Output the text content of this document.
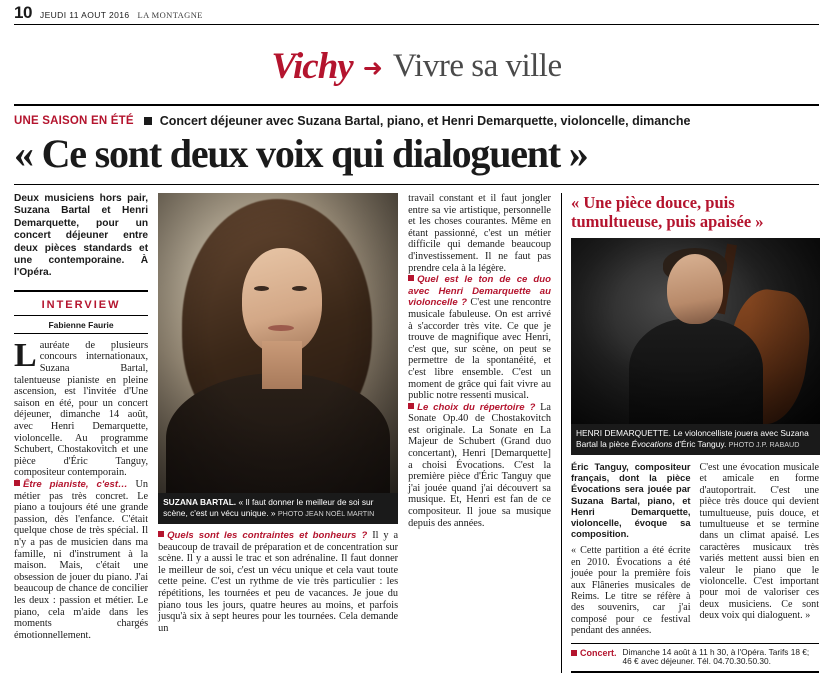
10 JEUDI 11 AOUT 2016 LA MONTAGNE
Vichy ➜ Vivre sa ville
UNE SAISON EN ÉTÉ Concert déjeuner avec Suzana Bartal, piano, et Henri Demarquette, violoncelle, dimanche
« Ce sont deux voix qui dialoguent »
Deux musiciens hors pair, Suzana Bartal et Henri Demarquette, pour un concert déjeuner entre deux pièces standards et une contemporaine. À l'Opéra.
INTERVIEW
Fabienne Faurie

Lauréate de plusieurs concours internationaux, Suzana Bartal, talentueuse pianiste en pleine ascension, est l'invitée d'Une saison en été, pour un concert déjeuner, dimanche 14 août, avec Henri Demarquette, violoncelle. Au programme Schubert, Chostakovitch et une pièce d'Éric Tanguy, compositeur contemporain.

Être pianiste, c'est… Un métier pas très concret. Le piano a toujours été une grande passion, dès l'enfance. C'était quelque chose de très spécial. Il n'y a pas de musicien dans ma famille, ni d'instrument à la maison. Mais, c'était une obsession de jouer du piano. J'ai beaucoup de chance de concilier les deux : passion et métier. Le piano, cela m'aide dans les moments chargés émotionnellement.

SUZANA BARTAL. « Il faut donner le meilleur de soi sur scène, c'est un vécu unique. » PHOTO JEAN NOËL MARTIN

Quels sont les contraintes et bonheurs ? Il y a beaucoup de travail de préparation et de concentration sur scène. Il y a aussi le trac et son adrénaline. Il faut donner le meilleur de soi, c'est un vécu unique et cela vaut toute cette peine. C'est un rythme de vie très particulier : les répétitions, les tournées et peu de vacances. Je joue du piano tous les jours, quatre heures au moins, et parfois jusqu'à six à sept heures pour les tournées. Cela demande un

travail constant et il faut jongler entre sa vie artistique, personnelle et les choses courantes. Même en étant passionné, c'est un métier difficile qui demande beaucoup d'investissement. Il ne faut pas prendre cela à la légère.

Quel est le ton de ce duo avec Henri Demarquette au violoncelle ? C'est une rencontre musicale fabuleuse. On est arrivé à s'accorder très vite. Ce que je trouve de magnifique avec Henri, c'est que, sur scène, on peut se permettre de la spontanéité, et c'est libre ensemble. C'est un moment de grâce qui fait vivre au public notre ressenti musical.

Le choix du répertoire ? La Sonate Op.40 de Chostakovitch est originale. La Sonate en La Majeur de Schubert (Grand duo concertant), Henri [Demarquette] a choisi Évocations. C'est la première pièce d'Éric Tanguy que j'ai jouée quand j'ai découvert sa musique. Et, Henri est fan de ce compositeur. Il joue sa musique depuis des années.

« Une pièce douce, puis tumultueuse, puis apaisée »
HENRI DEMARQUETTE. Le violoncelliste jouera avec Suzana Bartal la pièce Évocations d'Éric Tanguy. PHOTO J.P. RABAUD
Éric Tanguy, compositeur français, dont la pièce Évocations sera jouée par Suzana Bartal, piano, et Henri Demarquette, violoncelle, évoque sa composition.
« Cette partition a été écrite en 2010. Évocations a été jouée pour la première fois aux Flâneries musicales de Reims. Le titre se réfère à des souvenirs, car j'ai composé pour ce festival pendant des années.
C'est une évocation musicale et amicale en forme d'autoportrait. C'est une pièce très douce qui devient tumultueuse, puis douce, et tumultueuse et se termine dans un climat apaisé. Les caractères musicaux très variés mettent aussi bien en valeur le piano que le violoncelle. C'est important pour moi de valoriser ces deux musiciens. Ce sont deux voix qui dialoguent. »
Concert. Dimanche 14 août à 11 h 30, à l'Opéra. Tarifs 18 €; 46 € avec déjeuner. Tél. 04.70.30.50.30.
